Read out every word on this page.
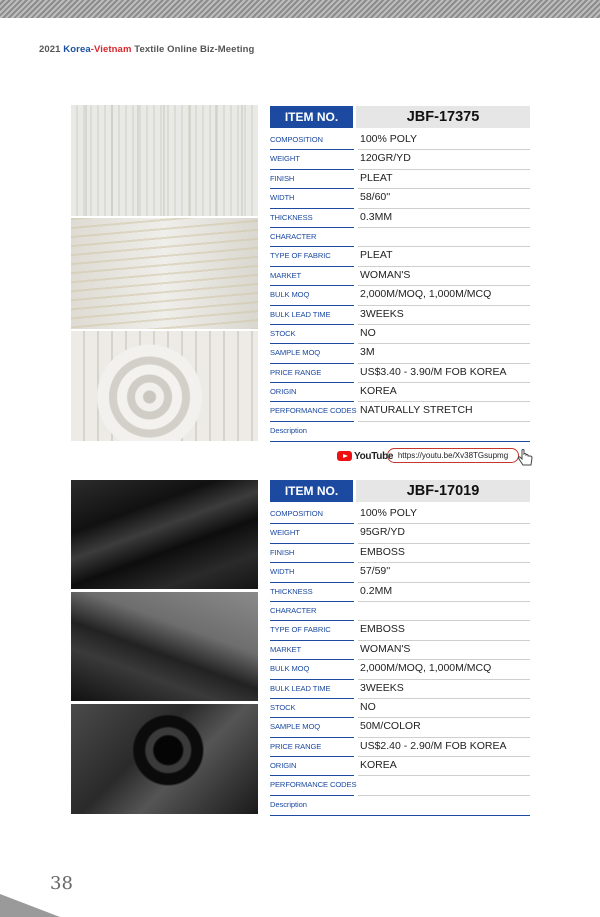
2021 Korea-Vietnam Textile Online Biz-Meeting
ITEM NO.	JBF-17375
COMPOSITION	100% POLY
WEIGHT	120GR/YD
FINISH	PLEAT
WIDTH	58/60''
THICKNESS	0.3MM
CHARACTER
TYPE OF FABRIC	PLEAT
MARKET	WOMAN'S
BULK MOQ	2,000M/MOQ, 1,000M/MCQ
BULK LEAD TIME	3WEEKS
STOCK	NO
SAMPLE MOQ	3M
PRICE RANGE	US$3.40 - 3.90/M FOB KOREA
ORIGIN	KOREA
PERFORMANCE CODES NATURALLY STRETCH
Description
YouTube https://youtu.be/Xv38TGsupmg
ITEM NO.	JBF-17019
COMPOSITION	100% POLY
WEIGHT	95GR/YD
FINISH	EMBOSS
WIDTH	57/59''
THICKNESS	0.2MM
CHARACTER
TYPE OF FABRIC	EMBOSS
MARKET	WOMAN'S
BULK MOQ	2,000M/MOQ, 1,000M/MCQ
BULK LEAD TIME	3WEEKS
STOCK	NO
SAMPLE MOQ	50M/COLOR
PRICE RANGE	US$2.40 - 2.90/M FOB KOREA
ORIGIN	KOREA
PERFORMANCE CODES
Description
38
